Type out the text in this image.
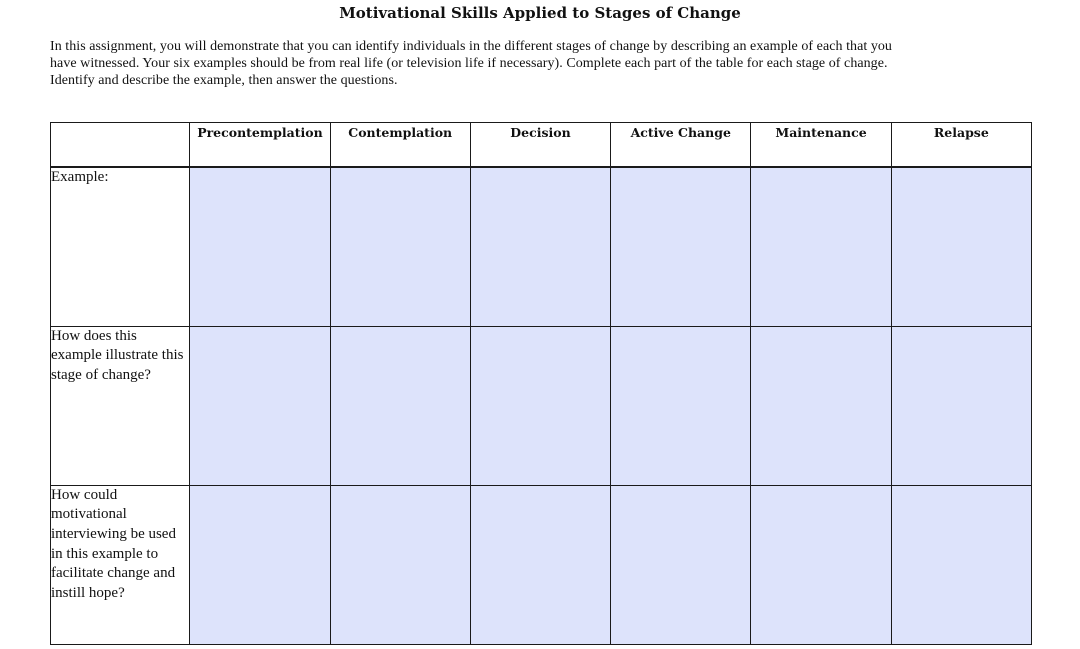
Motivational Skills Applied to Stages of Change
In this assignment, you will demonstrate that you can identify individuals in the different stages of change by describing an example of each that you
have witnessed. Your six examples should be from real life (or television life if necessary). Complete each part of the table for each stage of change.
Identify and describe the example, then answer the questions.
	Precontemplation	Contemplation	Decision	Active Change	Maintenance	Relapse
Example:						
How does this example illustrate this stage of change?						
How could motivational interviewing be used in this example to facilitate change and instill hope?						
